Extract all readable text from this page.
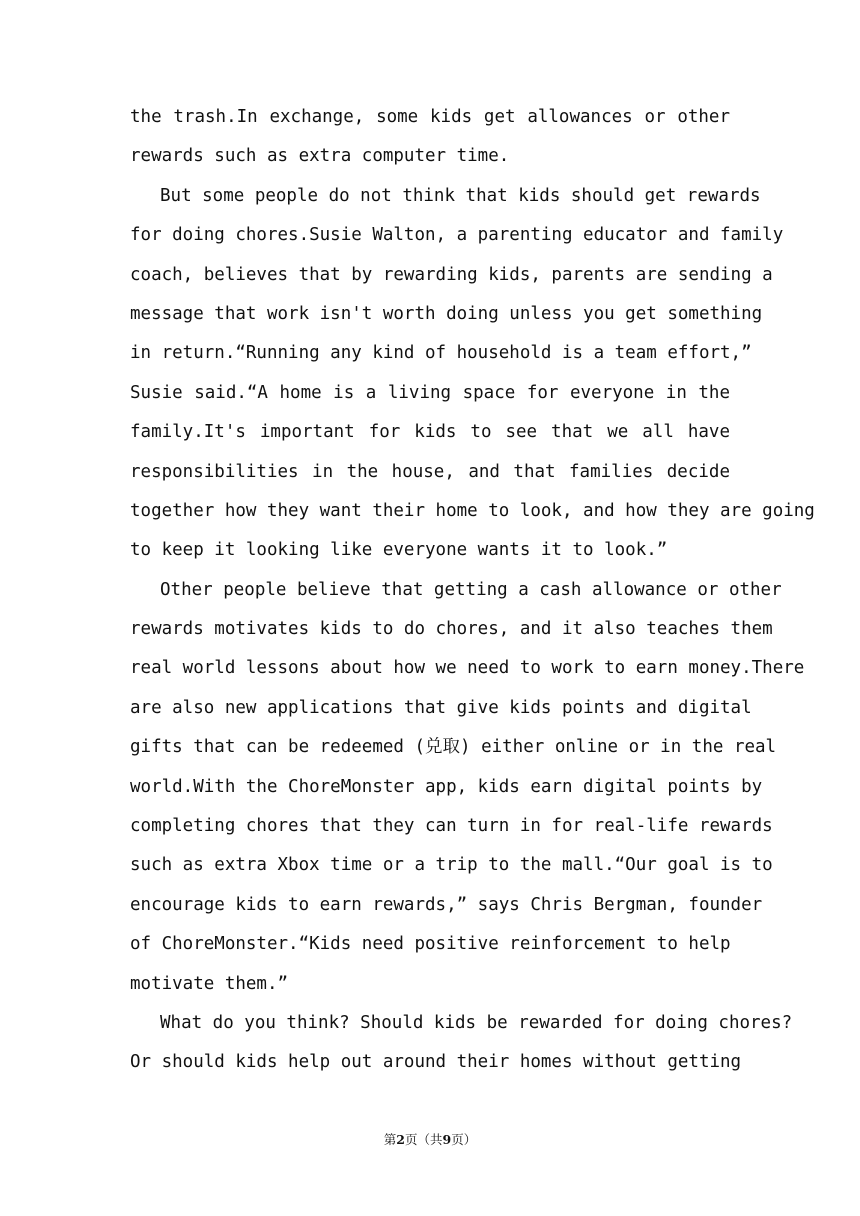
the trash.In exchange, some kids get allowances or other
rewards such as extra computer time.
But some people do not think that kids should get rewards
for doing chores.Susie Walton, a parenting educator and family
coach, believes that by rewarding kids, parents are sending a
message that work isn't worth doing unless you get something
in return.“Running any kind of household is a team effort,”
Susie said.“A home is a living space for everyone in the
family.It's important for kids to see that we all have
responsibilities in the house, and that families decide
together how they want their home to look, and how they are going
to keep it looking like everyone wants it to look.”
Other people believe that getting a cash allowance or other
rewards motivates kids to do chores, and it also teaches them
real world lessons about how we need to work to earn money.There
are also new applications that give kids points and digital
gifts that can be redeemed (兑取) either online or in the real
world.With the ChoreMonster app, kids earn digital points by
completing chores that they can turn in for real-life rewards
such as extra Xbox time or a trip to the mall.“Our goal is to
encourage kids to earn rewards,” says Chris Bergman, founder
of ChoreMonster.“Kids need positive reinforcement to help
motivate them.”
What do you think? Should kids be rewarded for doing chores?
Or should kids help out around their homes without getting
第2页（共9页）
